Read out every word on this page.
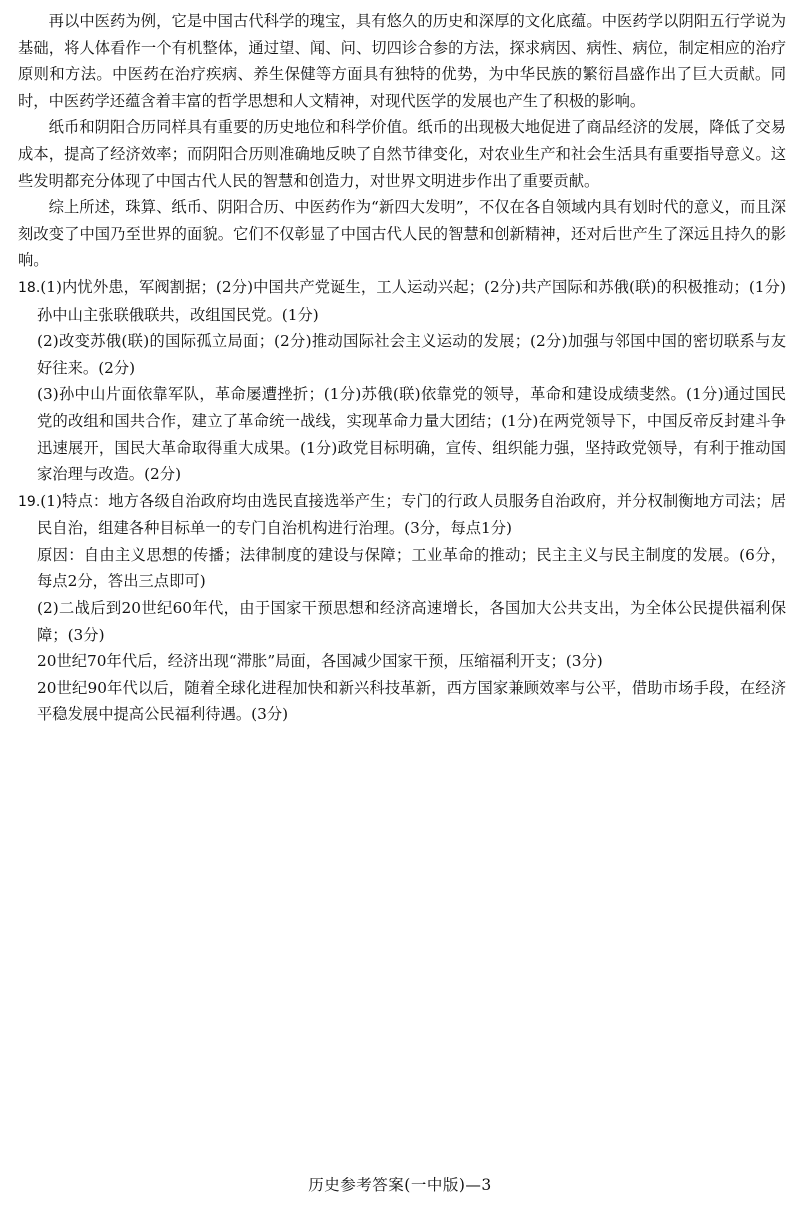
再以中医药为例，它是中国古代科学的瑰宝，具有悠久的历史和深厚的文化底蕴。中医药学以阴阳五行学说为基础，将人体看作一个有机整体，通过望、闻、问、切四诊合参的方法，探求病因、病性、病位，制定相应的治疗原则和方法。中医药在治疗疾病、养生保健等方面具有独特的优势，为中华民族的繁衍昌盛作出了巨大贡献。同时，中医药学还蕴含着丰富的哲学思想和人文精神，对现代医学的发展也产生了积极的影响。

纸币和阴阳合历同样具有重要的历史地位和科学价值。纸币的出现极大地促进了商品经济的发展，降低了交易成本，提高了经济效率；而阴阳合历则准确地反映了自然节律变化，对农业生产和社会生活具有重要指导意义。这些发明都充分体现了中国古代人民的智慧和创造力，对世界文明进步作出了重要贡献。

综上所述，珠算、纸币、阴阳合历、中医药作为“新四大发明”，不仅在各自领域内具有划时代的意义，而且深刻改变了中国乃至世界的面貌。它们不仅彰显了中国古代人民的智慧和创新精神，还对后世产生了深远且持久的影响。

18.(1)内忧外患，军阀割据；(2分)中国共产党诞生，工人运动兴起；(2分)共产国际和苏俄(联)的积极推动；(1分)孙中山主张联俄联共，改组国民党。(1分)

(2)改变苏俄(联)的国际孤立局面；(2分)推动国际社会主义运动的发展；(2分)加强与邻国中国的密切联系与友好往来。(2分)

(3)孙中山片面依靠军队，革命屡遭挫折；(1分)苏俄(联)依靠党的领导，革命和建设成绩斐然。(1分)通过国民党的改组和国共合作，建立了革命统一战线，实现革命力量大团结；(1分)在两党领导下，中国反帝反封建斗争迅速展开，国民大革命取得重大成果。(1分)政党目标明确，宣传、组织能力强，坚持政党领导，有利于推动国家治理与改造。(2分)

19.(1)特点：地方各级自治政府均由选民直接选举产生；专门的行政人员服务自治政府，并分权制衡地方司法；居民自治，组建各种目标单一的专门自治机构进行治理。(3分，每点1分)

原因：自由主义思想的传播；法律制度的建设与保障；工业革命的推动；民主主义与民主制度的发展。(6分，每点2分，答出三点即可)

(2)二战后到20世纪60年代，由于国家干预思想和经济高速增长，各国加大公共支出，为全体公民提供福利保障；(3分)

20世纪70年代后，经济出现“滞胀”局面，各国减少国家干预，压缩福利开支；(3分)

20世纪90年代以后，随着全球化进程加快和新兴科技革新，西方国家兼顾效率与公平，借助市场手段，在经济平稳发展中提高公民福利待遇。(3分)

历史参考答案(一中版)—3
